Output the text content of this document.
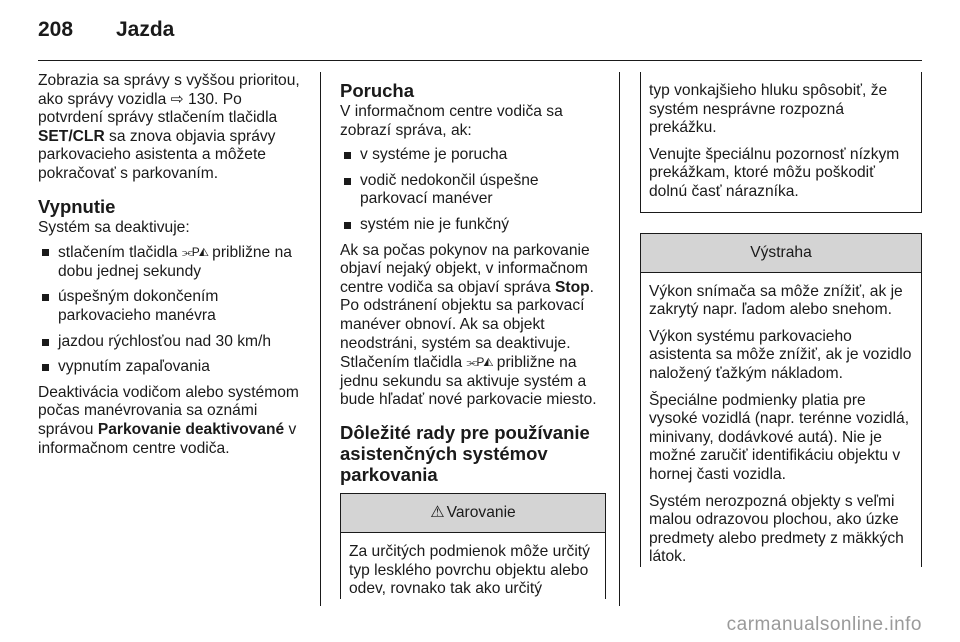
208	Jazda

Zobrazia sa správy s vyššou prioritou, ako správy vozidla ⇨ 130. Po potvrdení správy stlačením tlačidla SET/CLR sa znova objavia správy parkovacieho asistenta a môžete pokračovať s parkovaním.

Vypnutie

Systém sa deaktivuje:

stlačením tlačidla ⫘P◭ približne na dobu jednej sekundy
úspešným dokončením parkovacieho manévra
jazdou rýchlosťou nad 30 km/h
vypnutím zapaľovania

Deaktivácia vodičom alebo systémom počas manévrovania sa oznámi správou Parkovanie deaktivované v informačnom centre vodiča.

Porucha

V informačnom centre vodiča sa zobrazí správa, ak:

v systéme je porucha
vodič nedokončil úspešne parkovací manéver
systém nie je funkčný

Ak sa počas pokynov na parkovanie objaví nejaký objekt, v informačnom centre vodiča sa objaví správa Stop. Po odstránení objektu sa parkovací manéver obnoví. Ak sa objekt neodstráni, systém sa deaktivuje. Stlačením tlačidla ⫘P◭ približne na jednu sekundu sa aktivuje systém a bude hľadať nové parkovacie miesto.

Dôležité rady pre používanie asistenčných systémov parkovania
⚠ Varovanie

Za určitých podmienok môže určitý typ lesklého povrchu objektu alebo odev, rovnako tak ako určitý

typ vonkajšieho hluku spôsobiť, že systém nesprávne rozpozná prekážku.

Venujte špeciálnu pozornosť nízkym prekážkam, ktoré môžu poškodiť dolnú časť nárazníka.

Výstraha

Výkon snímača sa môže znížiť, ak je zakrytý napr. ľadom alebo snehom.

Výkon systému parkovacieho asistenta sa môže znížiť, ak je vozidlo naložený ťažkým nákladom.

Špeciálne podmienky platia pre vysoké vozidlá (napr. terénne vozidlá, minivany, dodávkové autá). Nie je možné zaručiť identifikáciu objektu v hornej časti vozidla.

Systém nerozpozná objekty s veľmi malou odrazovou plochou, ako úzke predmety alebo predmety z mäkkých látok.

carmanualsonline.info
